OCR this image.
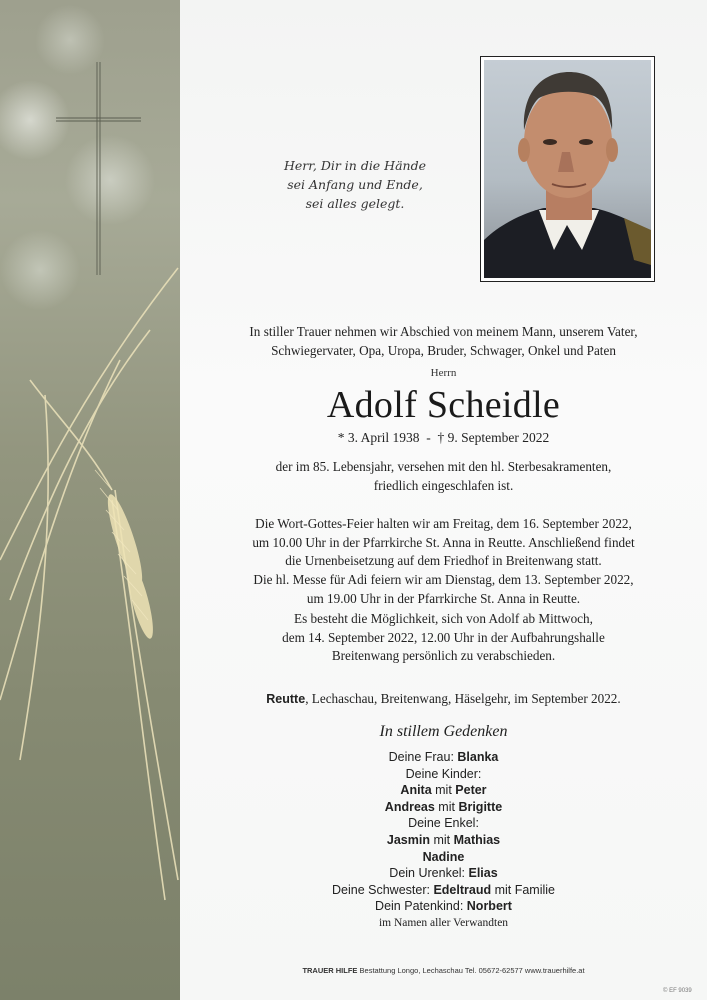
Herr, Dir in die Hände
sei Anfang und Ende,
sei alles gelegt.
In stiller Trauer nehmen wir Abschied von meinem Mann, unserem Vater,
Schwiegervater, Opa, Uropa, Bruder, Schwager, Onkel und Paten
Herrn
Adolf Scheidle
* 3. April 1938 - † 9. September 2022
der im 85. Lebensjahr, versehen mit den hl. Sterbesakramenten,
friedlich eingeschlafen ist.
Die Wort-Gottes-Feier halten wir am Freitag, dem 16. September 2022,
um 10.00 Uhr in der Pfarrkirche St. Anna in Reutte. Anschließend findet
die Urnenbeisetzung auf dem Friedhof in Breitenwang statt.
Die hl. Messe für Adi feiern wir am Dienstag, dem 13. September 2022,
um 19.00 Uhr in der Pfarrkirche St. Anna in Reutte.
Es besteht die Möglichkeit, sich von Adolf ab Mittwoch,
dem 14. September 2022, 12.00 Uhr in der Aufbahrungshalle
Breitenwang persönlich zu verabschieden.
Reutte, Lechaschau, Breitenwang, Häselgehr, im September 2022.
In stillem Gedenken
Deine Frau: Blanka
Deine Kinder:
Anita mit Peter
Andreas mit Brigitte
Deine Enkel:
Jasmin mit Mathias
Nadine
Dein Urenkel: Elias
Deine Schwester: Edeltraud mit Familie
Dein Patenkind: Norbert
im Namen aller Verwandten
TRAUER HILFE Bestattung Longo, Lechaschau Tel. 05672-62577 www.trauerhilfe.at
© EF 9039
